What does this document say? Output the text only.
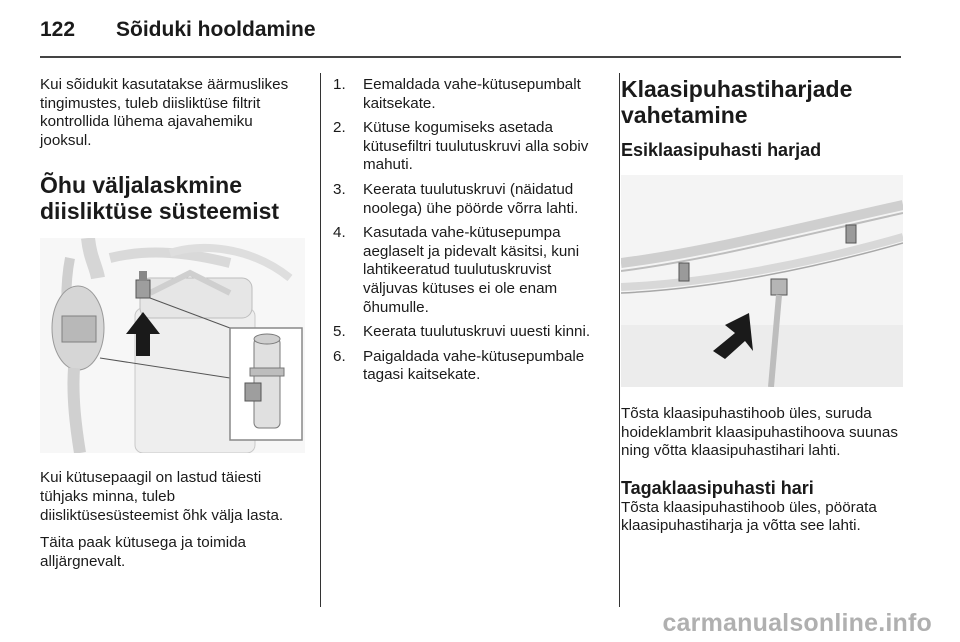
122 Sõiduki hooldamine

Kui sõidukit kasutatakse äärmuslikes tingimustes, tuleb diisliktüse filtrit kontrollida lühema ajavahemiku jooksul.

Õhu väljalaskmine diisliktüse süsteemist

Kui kütusepaagil on lastud täiesti tühjaks minna, tuleb diisliktüsesüsteemist õhk välja lasta.

Täita paak kütusega ja toimida alljärgnevalt.

1. Eemaldada vahe-kütusepumbalt kaitsekate.
2. Kütuse kogumiseks asetada kütusefiltri tuulutuskruvi alla sobiv mahuti.
3. Keerata tuulutuskruvi (näidatud noolega) ühe pöörde võrra lahti.
4. Kasutada vahe-kütusepumpa aeglaselt ja pidevalt käsitsi, kuni lahtikeeratud tuulutuskruvist väljuvas kütuses ei ole enam õhumulle.
5. Keerata tuulutuskruvi uuesti kinni.
6. Paigaldada vahe-kütusepumbale tagasi kaitsekate.
Klaasipuhastiharjade vahetamine
Esiklaasipuhasti harjad

Tõsta klaasipuhastihoob üles, suruda hoideklambrit klaasipuhastihoova suunas ning võtta klaasipuhastihari lahti.

Tagaklaasipuhasti hari

Tõsta klaasipuhastihoob üles, pöörata klaasipuhastiharja ja võtta see lahti.

carmanualsonline.info
